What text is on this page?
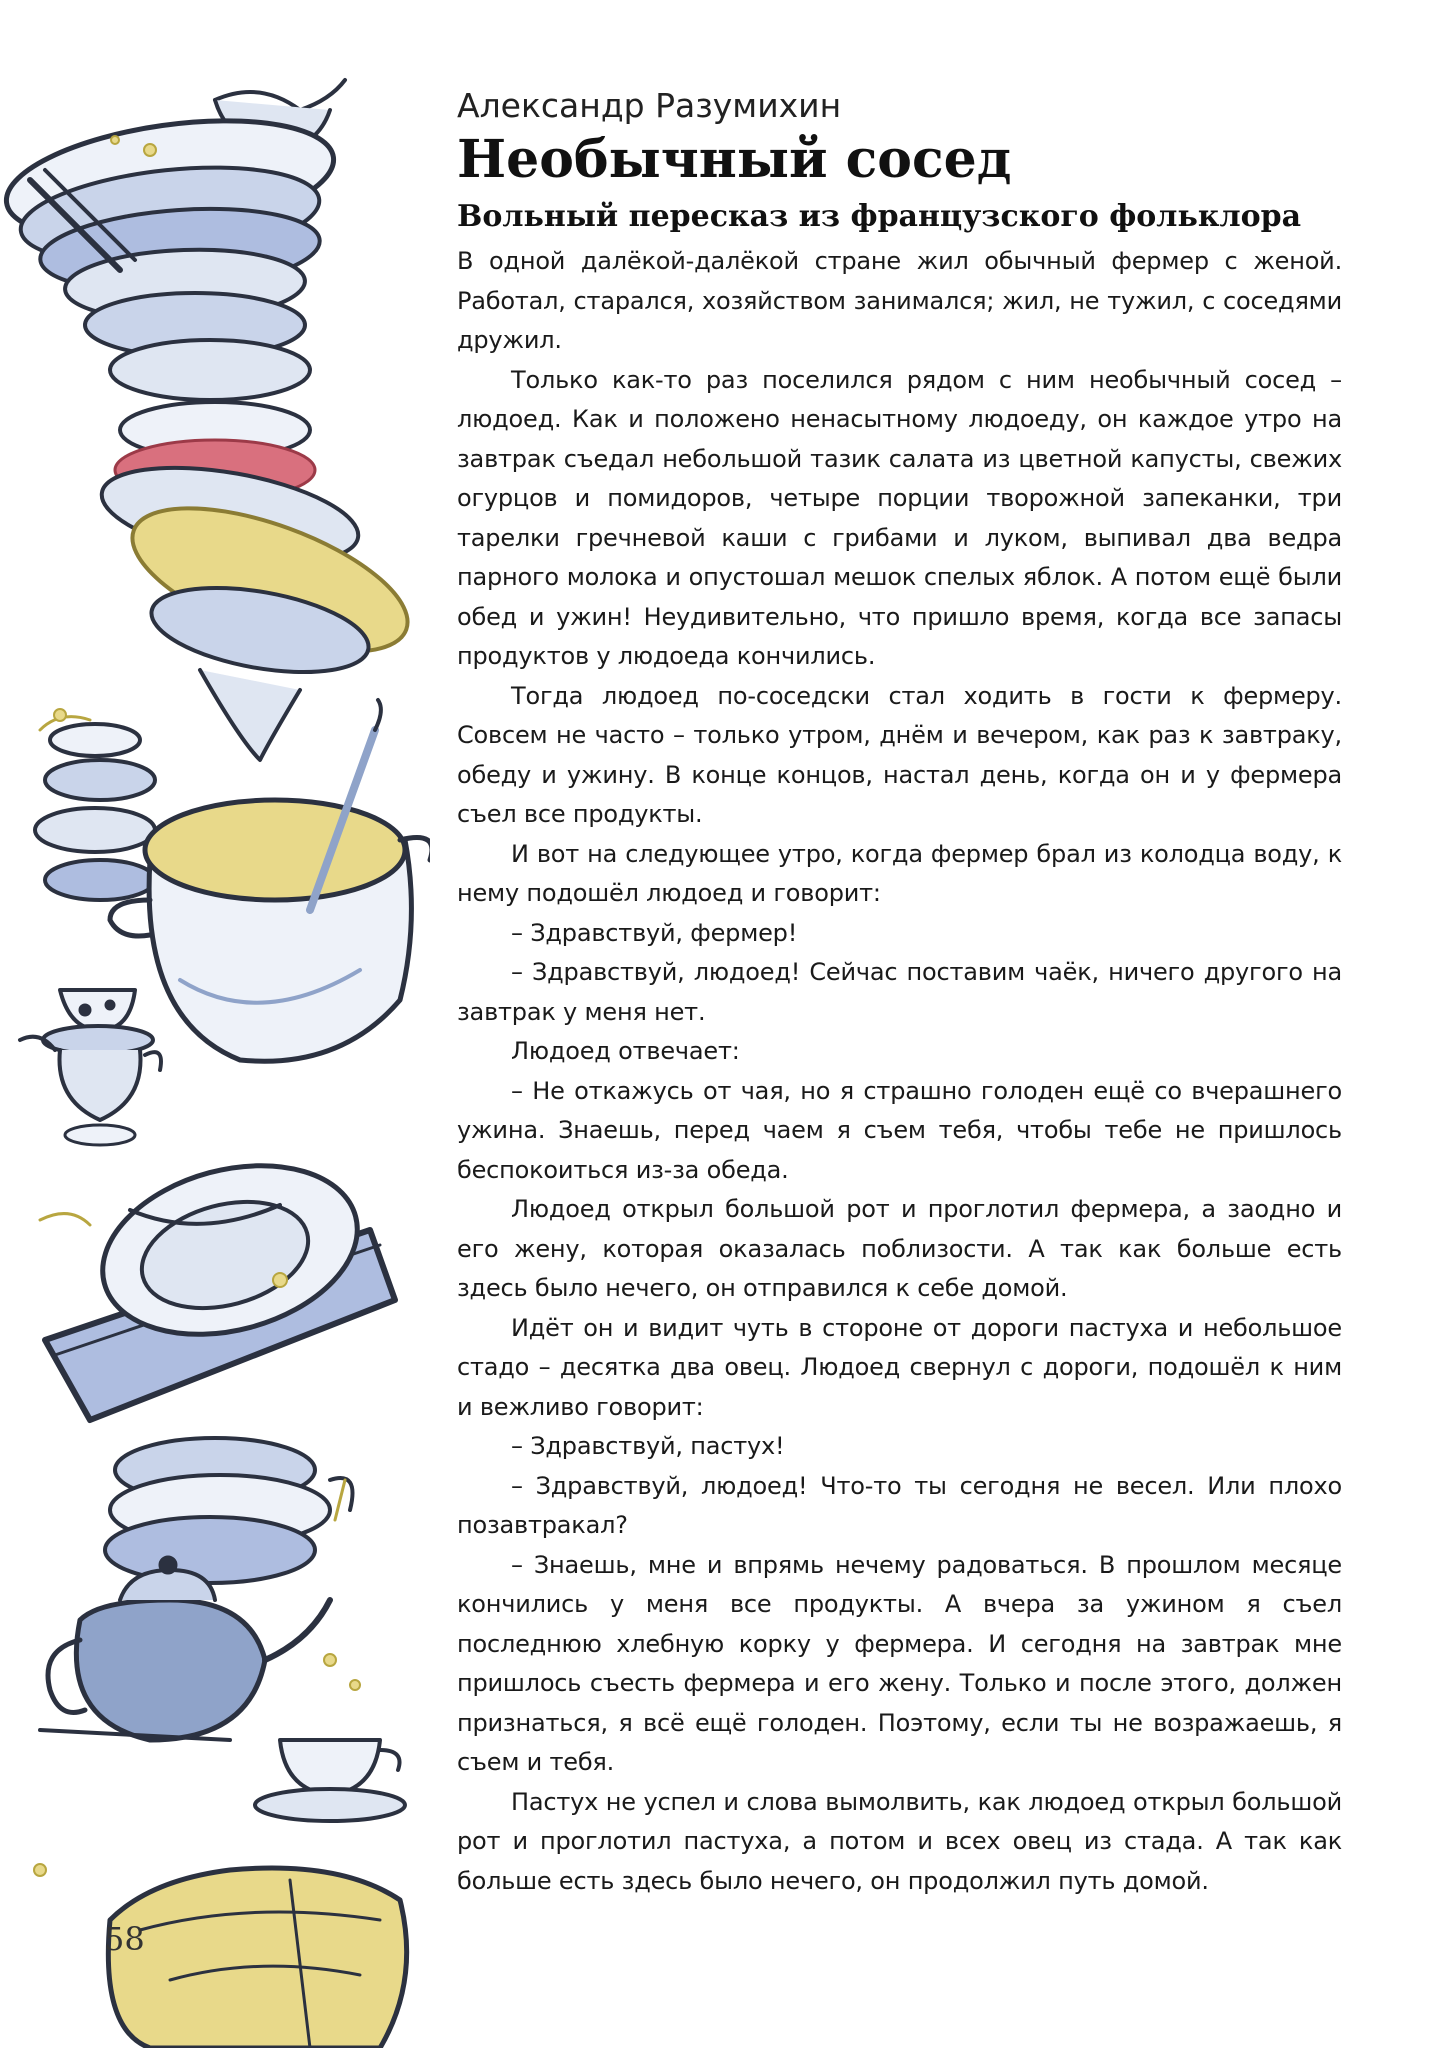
58
Александр Разумихин
Необычный сосед
Вольный пересказ из французского фольклора

В одной далёкой-далёкой стране жил обычный фермер с женой. Работал, старался, хозяйством занимался; жил, не тужил, с соседями дружил.

Только как-то раз поселился рядом с ним необычный сосед – людоед. Как и положено ненасытному людоеду, он каждое утро на завтрак съедал небольшой тазик салата из цветной капусты, свежих огурцов и помидоров, четыре порции творожной запеканки, три тарелки гречневой каши с грибами и луком, выпивал два ведра парного молока и опустошал мешок спелых яблок. А потом ещё были обед и ужин! Неудивительно, что пришло время, когда все запасы продуктов у людоеда кончились.

Тогда людоед по-соседски стал ходить в гости к фермеру. Совсем не часто – только утром, днём и вечером, как раз к завтраку, обеду и ужину. В конце концов, настал день, когда он и у фермера съел все продукты.

И вот на следующее утро, когда фермер брал из колодца воду, к нему подошёл людоед и говорит:

– Здравствуй, фермер!

– Здравствуй, людоед! Сейчас поставим чаёк, ничего другого на завтрак у меня нет.

Людоед отвечает:

– Не откажусь от чая, но я страшно голоден ещё со вчерашнего ужина. Знаешь, перед чаем я съем тебя, чтобы тебе не пришлось беспокоиться из-за обеда.

Людоед открыл большой рот и проглотил фермера, а заодно и его жену, которая оказалась поблизости. А так как больше есть здесь было нечего, он отправился к себе домой.

Идёт он и видит чуть в стороне от дороги пастуха и небольшое стадо – десятка два овец. Людоед свернул с дороги, подошёл к ним и вежливо говорит:

– Здравствуй, пастух!

– Здравствуй, людоед! Что-то ты сегодня не весел. Или плохо позавтракал?

– Знаешь, мне и впрямь нечему радоваться. В прошлом месяце кончились у меня все продукты. А вчера за ужином я съел последнюю хлебную корку у фермера. И сегодня на завтрак мне пришлось съесть фермера и его жену. Только и после этого, должен признаться, я всё ещё голоден. Поэтому, если ты не возражаешь, я съем и тебя.

Пастух не успел и слова вымолвить, как людоед открыл большой рот и проглотил пастуха, а потом и всех овец из стада. А так как больше есть здесь было нечего, он продолжил путь домой.
